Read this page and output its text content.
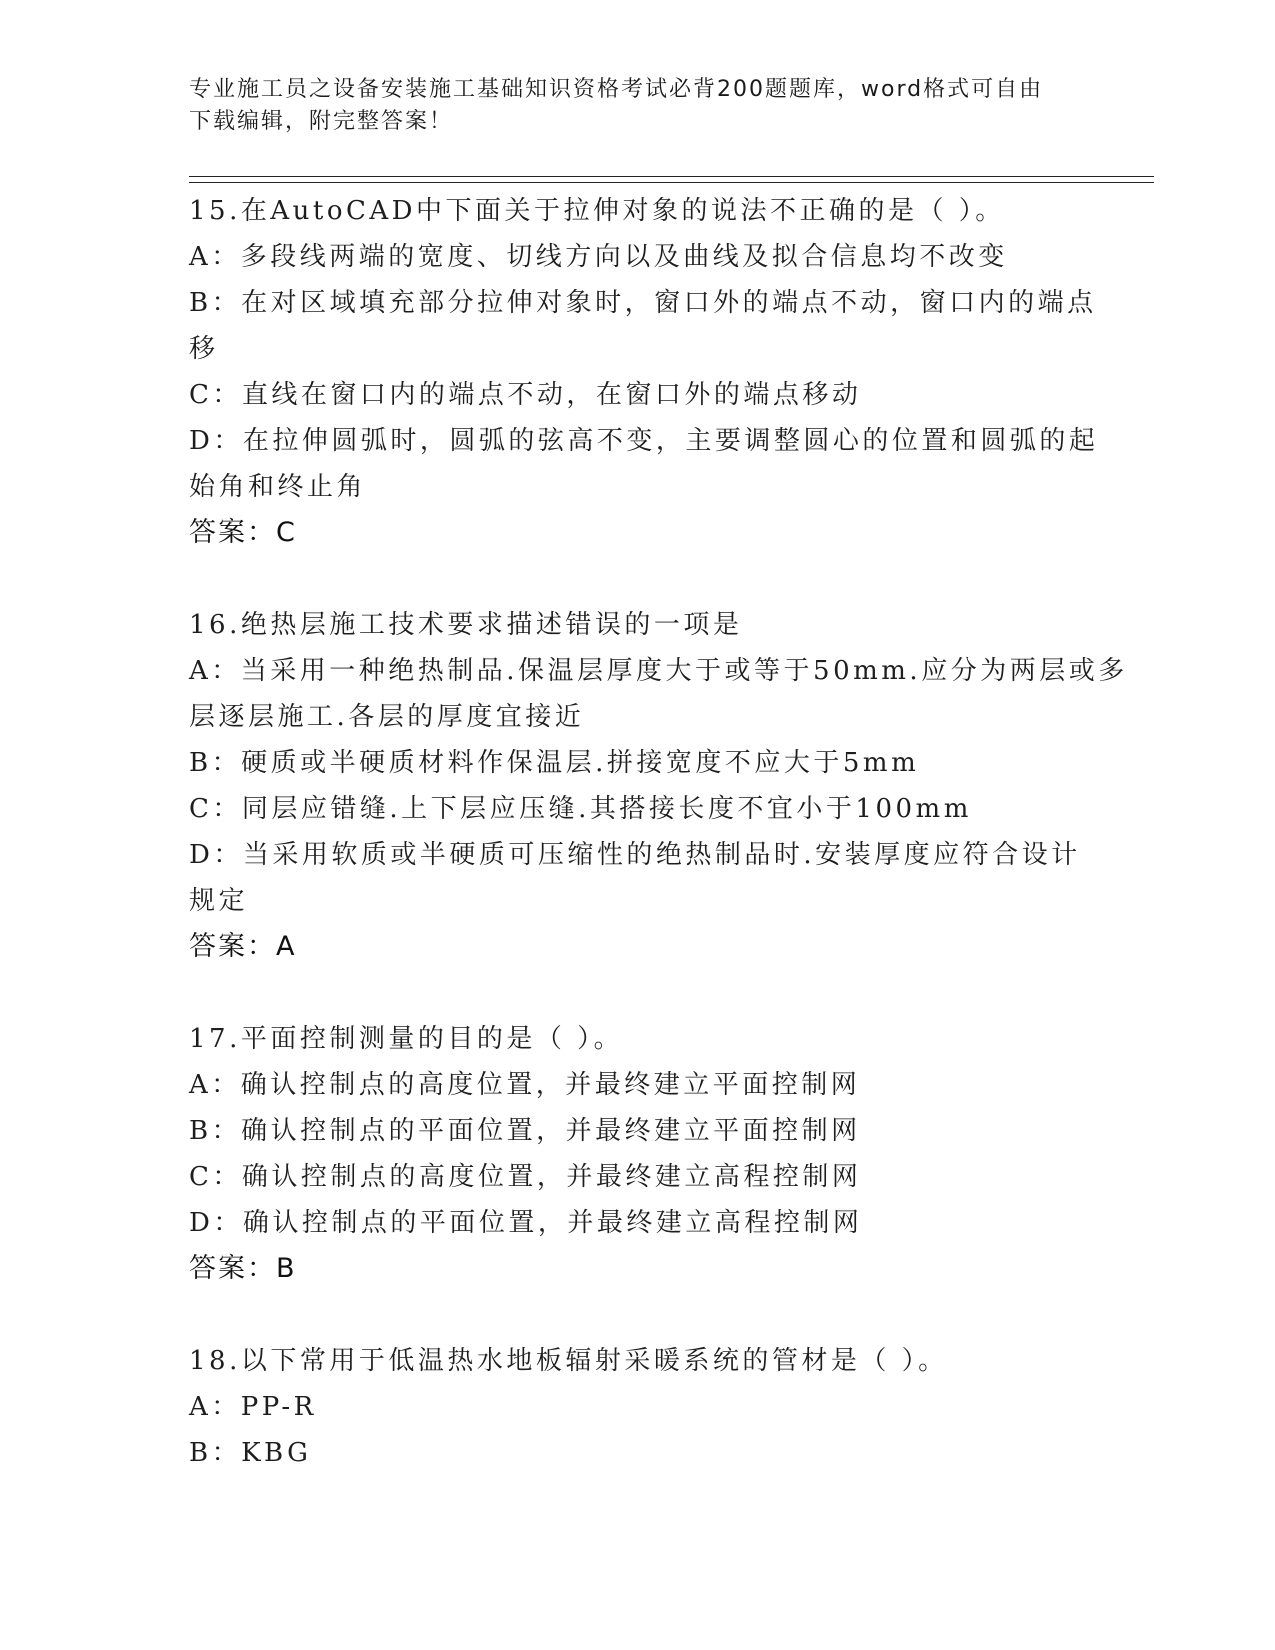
专业施工员之设备安装施工基础知识资格考试必背200题题库，word格式可自由
下载编辑，附完整答案！
15.在AutoCAD中下面关于拉伸对象的说法不正确的是（ ）。
A：多段线两端的宽度、切线方向以及曲线及拟合信息均不改变
B：在对区域填充部分拉伸对象时，窗口外的端点不动，窗口内的端点
移
C：直线在窗口内的端点不动，在窗口外的端点移动
D：在拉伸圆弧时，圆弧的弦高不变，主要调整圆心的位置和圆弧的起
始角和终止角
答案：C
16.绝热层施工技术要求描述错误的一项是
A：当采用一种绝热制品.保温层厚度大于或等于50mm.应分为两层或多
层逐层施工.各层的厚度宜接近
B：硬质或半硬质材料作保温层.拼接宽度不应大于5mm
C：同层应错缝.上下层应压缝.其搭接长度不宜小于100mm
D：当采用软质或半硬质可压缩性的绝热制品时.安装厚度应符合设计
规定
答案：A
17.平面控制测量的目的是（ ）。
A：确认控制点的高度位置，并最终建立平面控制网
B：确认控制点的平面位置，并最终建立平面控制网
C：确认控制点的高度位置，并最终建立高程控制网
D：确认控制点的平面位置，并最终建立高程控制网
答案：B
18.以下常用于低温热水地板辐射采暖系统的管材是（ ）。
A：PP-R
B：KBG
